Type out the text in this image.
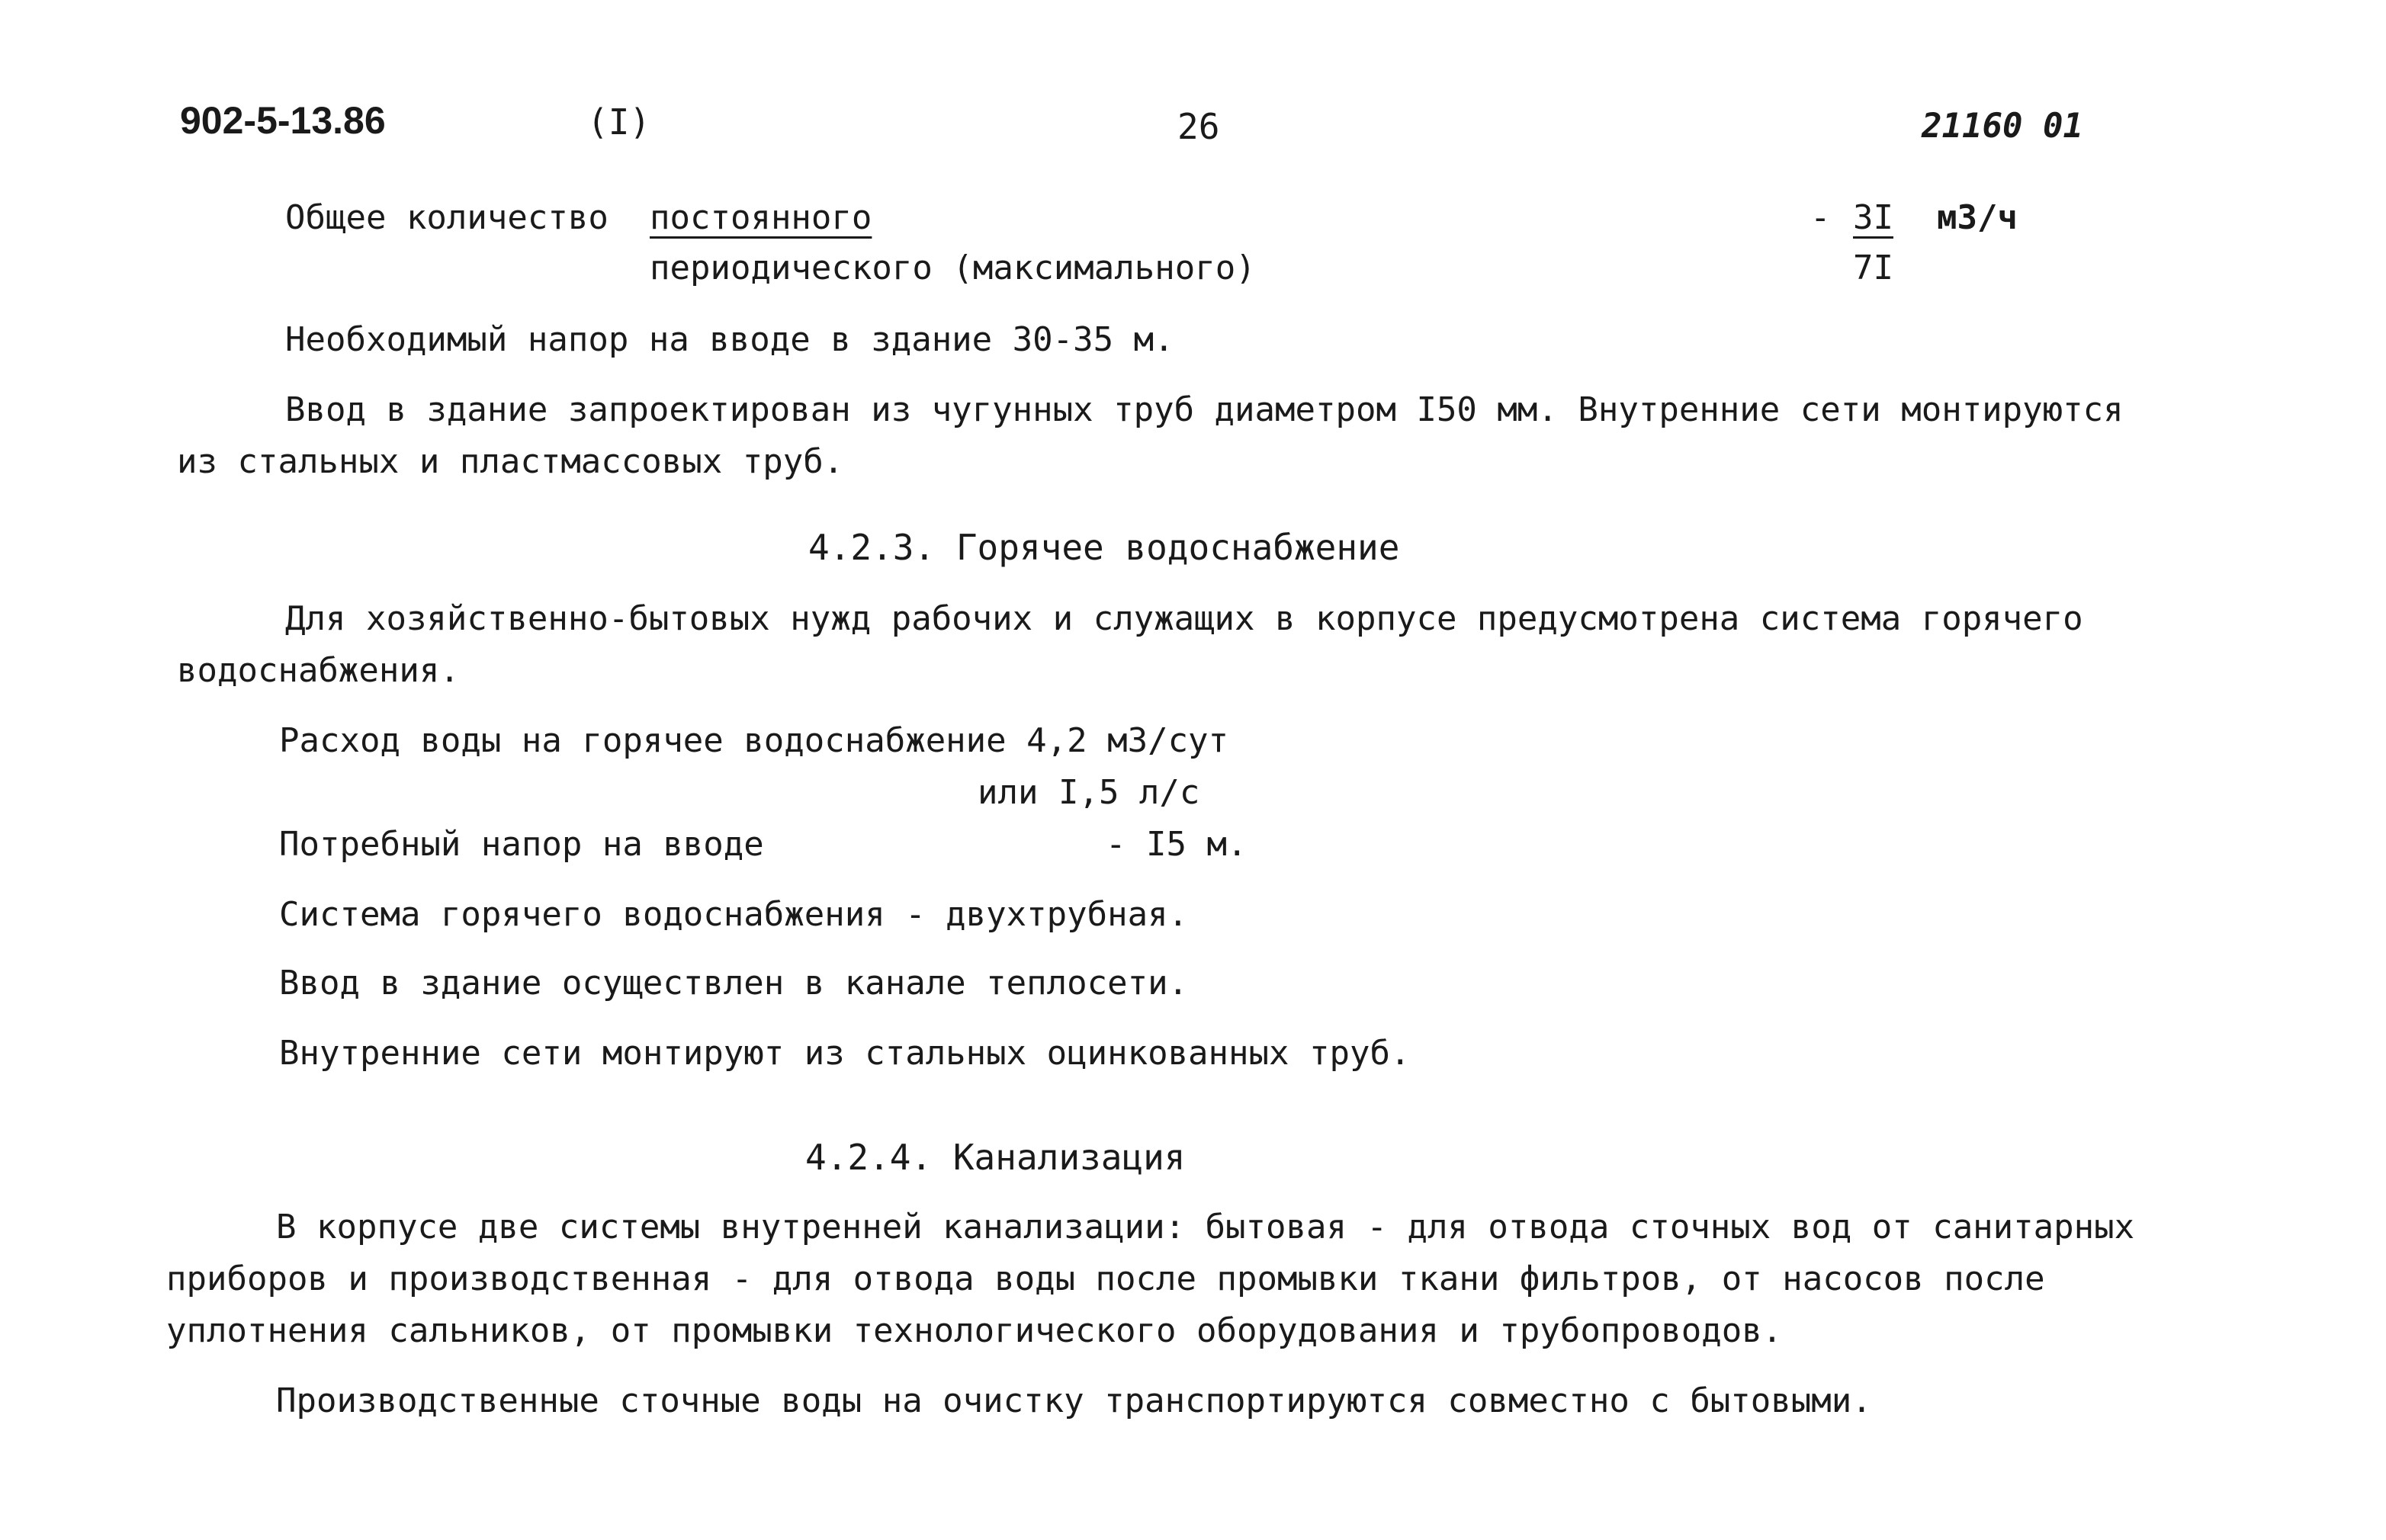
902-5-13.86	(I)	26	21160 01
Общее количество постоянного	- 3I м3/ч
периодического (максимального)	7I
Необходимый напор на вводе в здание 30-35 м.
Ввод в здание запроектирован из чугунных труб диаметром I50 мм. Внутренние сети монтируются
из стальных и пластмассовых труб.
4.2.3. Горячее водоснабжение
Для хозяйственно-бытовых нужд рабочих и служащих в корпусе предусмотрена система горячего
водоснабжения.
Расход воды на горячее водоснабжение 4,2 м3/сут
или I,5 л/с
Потребный напор на вводе	- I5 м.
Система горячего водоснабжения - двухтрубная.
Ввод в здание осуществлен в канале теплосети.
Внутренние сети монтируют из стальных оцинкованных труб.
4.2.4. Канализация
В корпусе две системы внутренней канализации: бытовая - для отвода сточных вод от санитарных
приборов и производственная - для отвода воды после промывки ткани фильтров, от насосов после
уплотнения сальников, от промывки технологического оборудования и трубопроводов.
Производственные сточные воды на очистку транспортируются совместно с бытовыми.
